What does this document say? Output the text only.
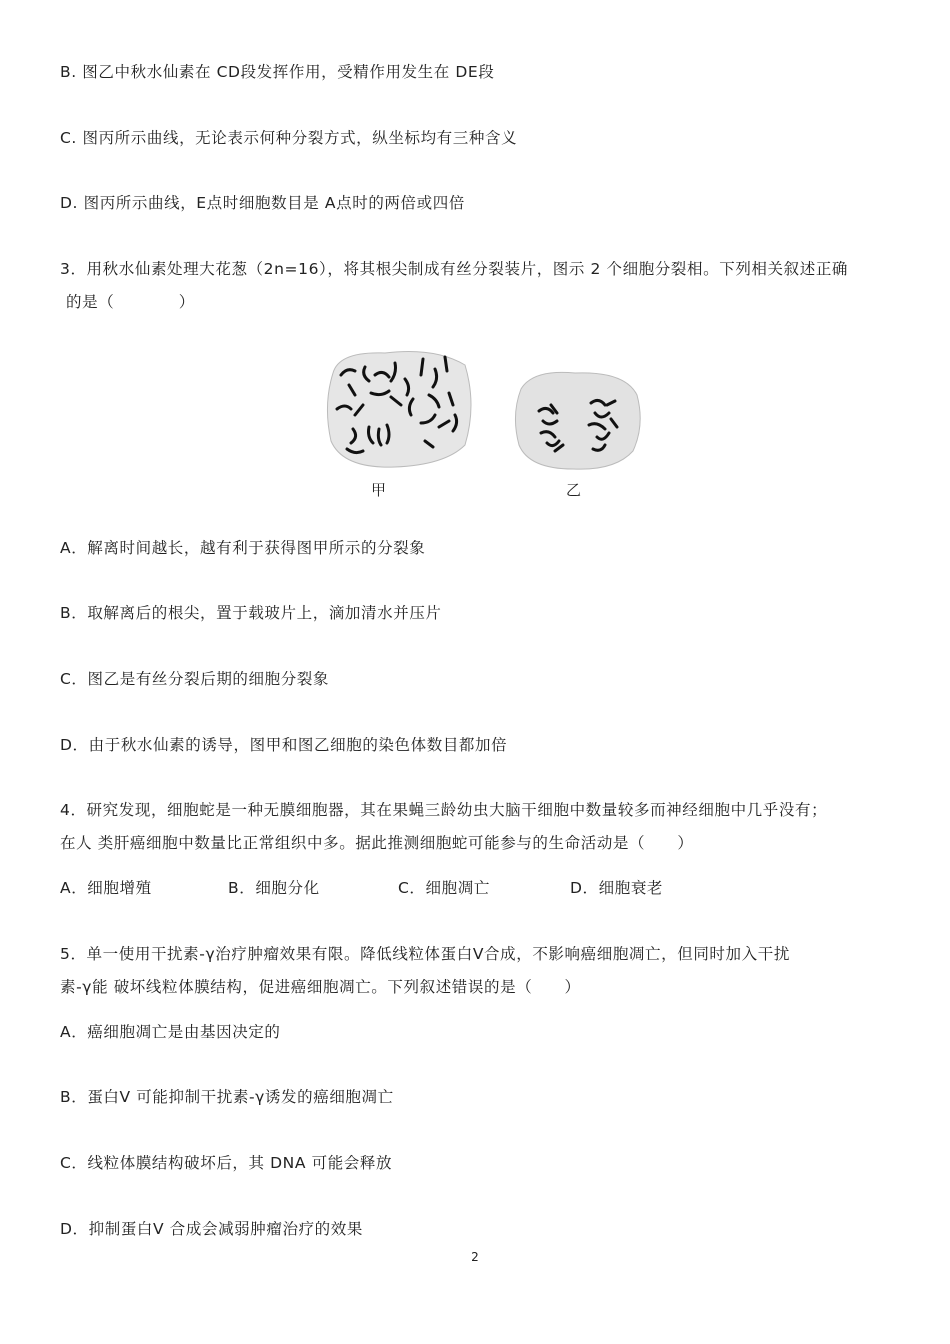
B. 图乙中秋水仙素在 CD段发挥作用，受精作用发生在 DE段
C. 图丙所示曲线，无论表示何种分裂方式，纵坐标均有三种含义
D. 图丙所示曲线，E点时细胞数目是 A点时的两倍或四倍
3．用秋水仙素处理大花葱（2n=16），将其根尖制成有丝分裂装片，图示 2 个细胞分裂相。下列相关叙述正确
的是（　　　　）
甲	乙
A．解离时间越长，越有利于获得图甲所示的分裂象
B．取解离后的根尖，置于载玻片上，滴加清水并压片
C．图乙是有丝分裂后期的细胞分裂象
D．由于秋水仙素的诱导，图甲和图乙细胞的染色体数目都加倍
4．研究发现，细胞蛇是一种无膜细胞器，其在果蝇三龄幼虫大脑干细胞中数量较多而神经细胞中几乎没有；
在人 类肝癌细胞中数量比正常组织中多。据此推测细胞蛇可能参与的生命活动是（　　）
A．细胞增殖	B．细胞分化	C．细胞凋亡	D．细胞衰老
5．单一使用干扰素-γ治疗肿瘤效果有限。降低线粒体蛋白V合成，不影响癌细胞凋亡，但同时加入干扰
素-γ能 破坏线粒体膜结构，促进癌细胞凋亡。下列叙述错误的是（　　）
A．癌细胞凋亡是由基因决定的
B．蛋白V 可能抑制干扰素-γ诱发的癌细胞凋亡
C．线粒体膜结构破坏后，其 DNA 可能会释放
D．抑制蛋白V 合成会减弱肿瘤治疗的效果
2
